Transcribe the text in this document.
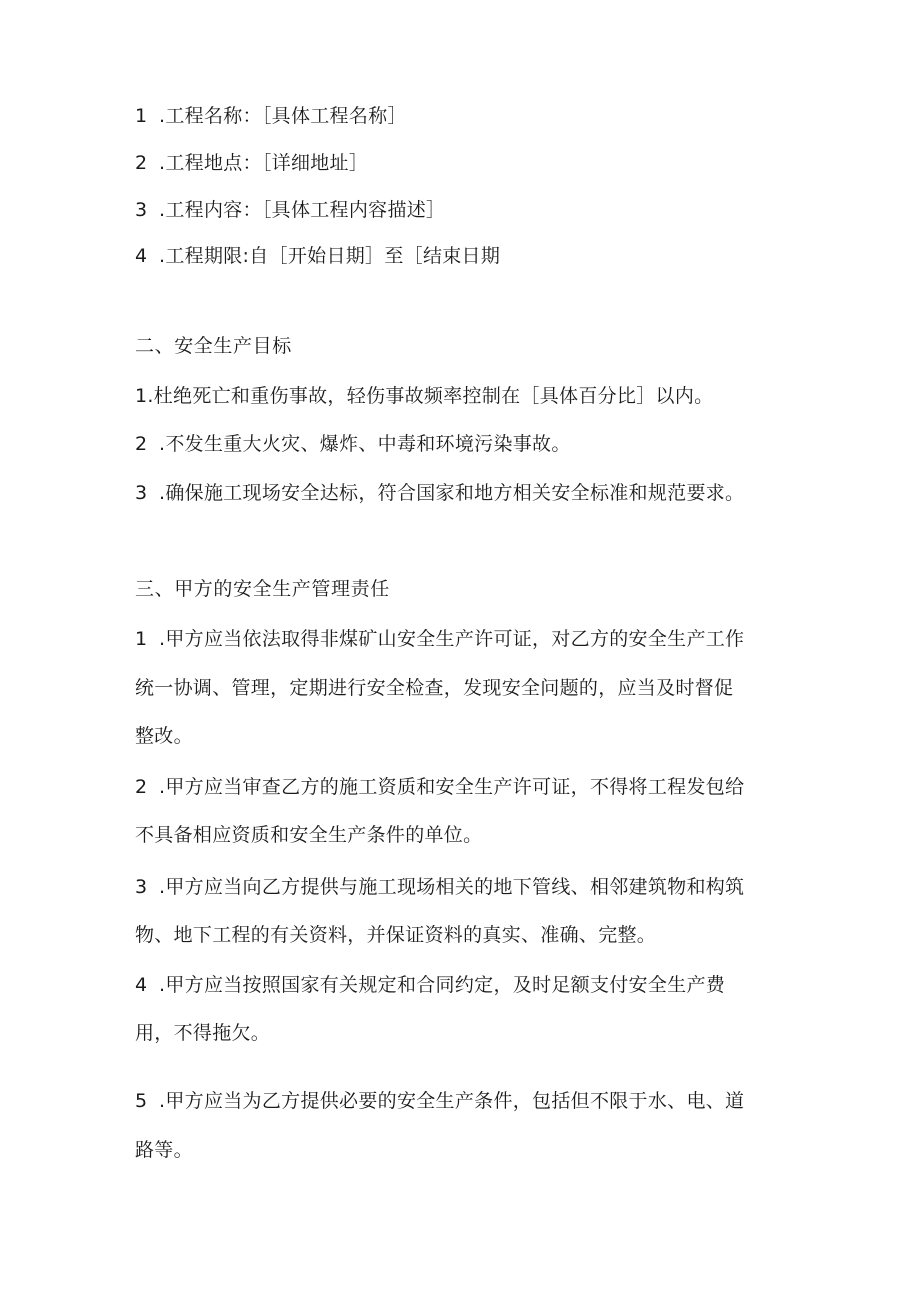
1 .工程名称：［具体工程名称］
2 .工程地点：［详细地址］
3 .工程内容：［具体工程内容描述］
4 .工程期限:自［开始日期］至［结束日期
二、安全生产目标
1.杜绝死亡和重伤事故，轻伤事故频率控制在［具体百分比］以内。
2 .不发生重大火灾、爆炸、中毒和环境污染事故。
3 .确保施工现场安全达标，符合国家和地方相关安全标准和规范要求。
三、甲方的安全生产管理责任
1 .甲方应当依法取得非煤矿山安全生产许可证，对乙方的安全生产工作
统一协调、管理，定期进行安全检查，发现安全问题的，应当及时督促
整改。
2 .甲方应当审查乙方的施工资质和安全生产许可证，不得将工程发包给
不具备相应资质和安全生产条件的单位。
3 .甲方应当向乙方提供与施工现场相关的地下管线、相邻建筑物和构筑
物、地下工程的有关资料，并保证资料的真实、准确、完整。
4 .甲方应当按照国家有关规定和合同约定，及时足额支付安全生产费
用，不得拖欠。
5 .甲方应当为乙方提供必要的安全生产条件，包括但不限于水、电、道
路等。
